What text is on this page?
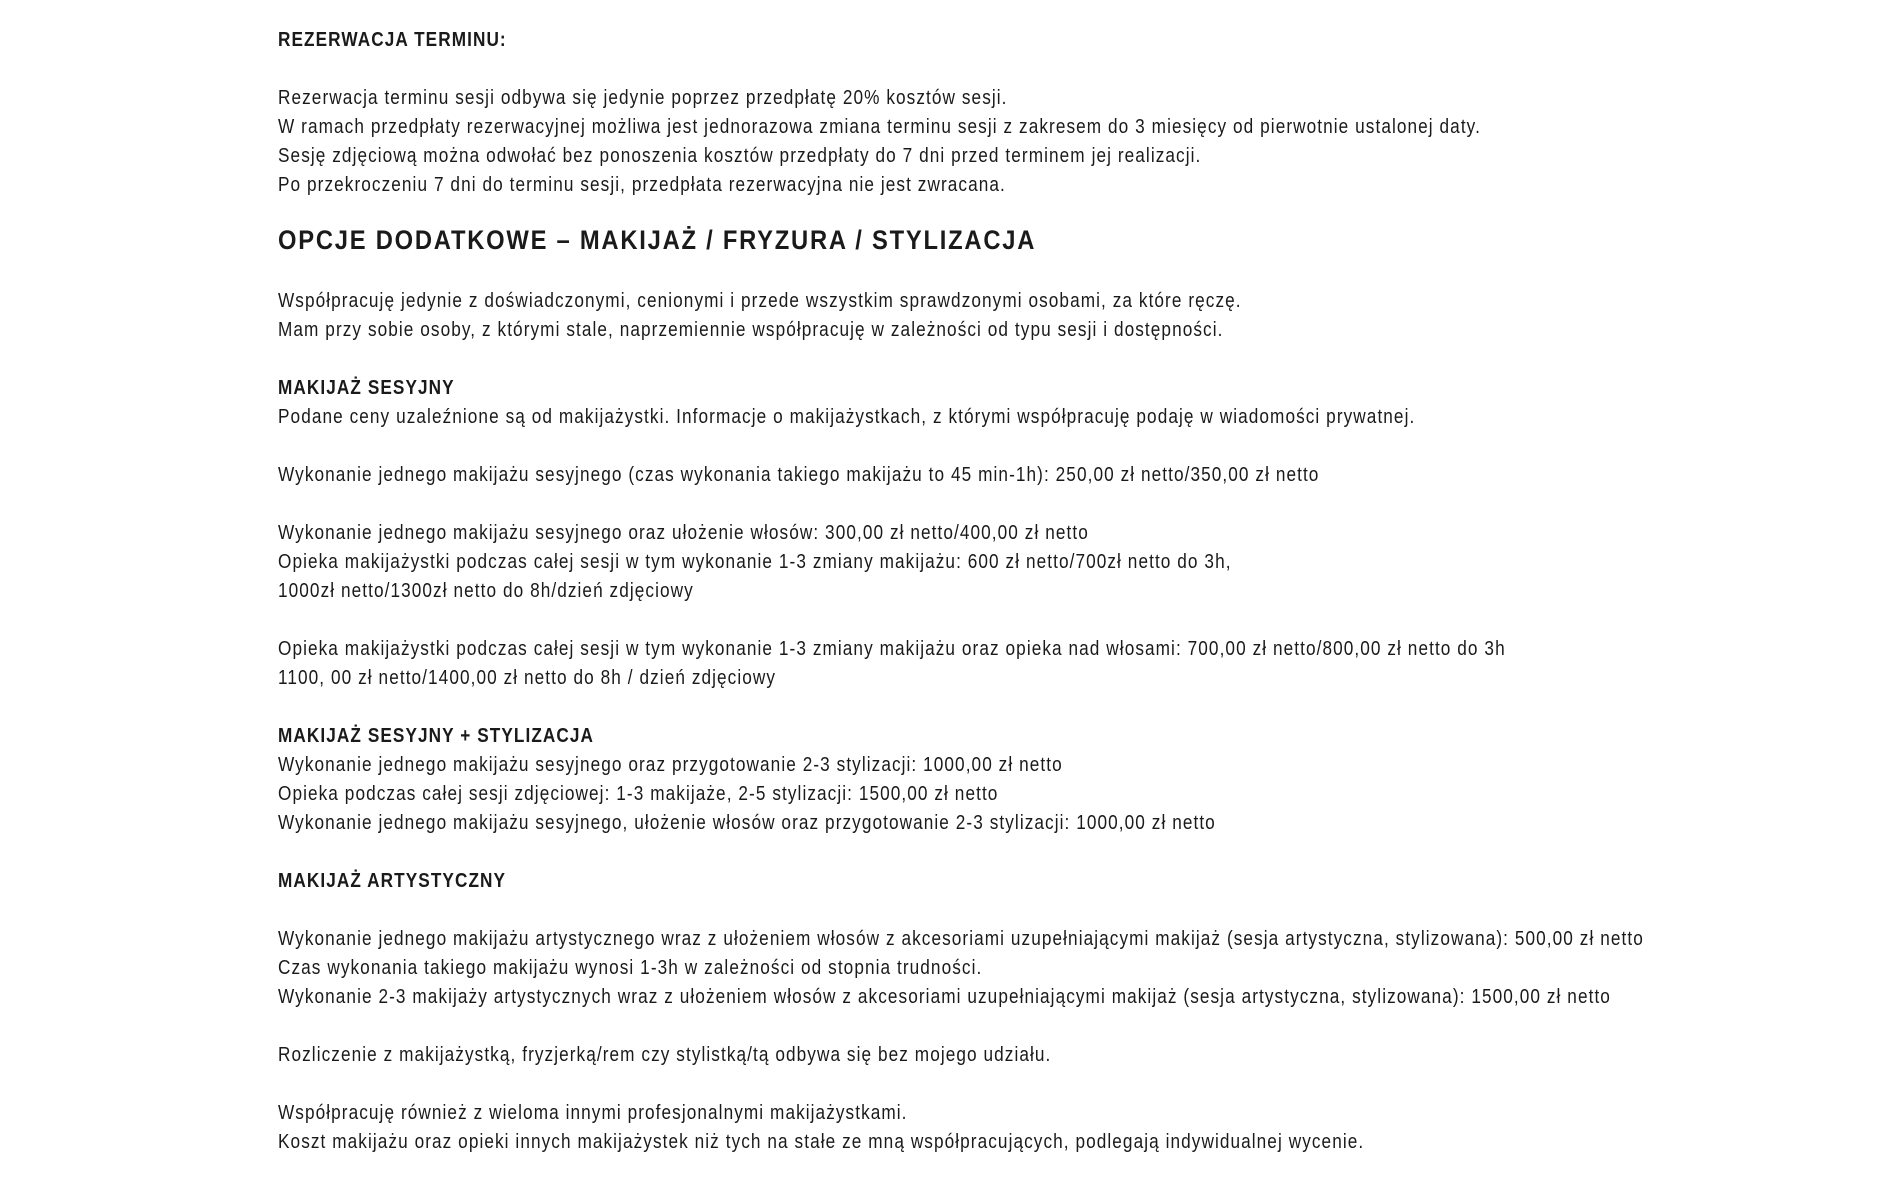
REZERWACJA TERMINU:
Rezerwacja terminu sesji odbywa się jedynie poprzez przedpłatę 20% kosztów sesji.
W ramach przedpłaty rezerwacyjnej możliwa jest jednorazowa zmiana terminu sesji z zakresem do 3 miesięcy od pierwotnie ustalonej daty.
Sesję zdjęciową można odwołać bez ponoszenia kosztów przedpłaty do 7 dni przed terminem jej realizacji.
Po przekroczeniu 7 dni do terminu sesji, przedpłata rezerwacyjna nie jest zwracana.
OPCJE DODATKOWE – MAKIJAŻ / FRYZURA / STYLIZACJA
Współpracuję jedynie z doświadczonymi, cenionymi i przede wszystkim sprawdzonymi osobami, za które ręczę.
Mam przy sobie osoby, z którymi stale, naprzemiennie współpracuję w zależności od typu sesji i dostępności.
MAKIJAŻ SESYJNY
Podane ceny uzaleźnione są od makijażystki. Informacje o makijażystkach, z którymi współpracuję podaję w wiadomości prywatnej.
Wykonanie jednego makijażu sesyjnego (czas wykonania takiego makijażu to 45 min-1h): 250,00 zł netto/350,00 zł netto
Wykonanie jednego makijażu sesyjnego oraz ułożenie włosów: 300,00 zł netto/400,00 zł netto
Opieka makijażystki podczas całej sesji w tym wykonanie 1-3 zmiany makijażu: 600 zł netto/700zł netto do 3h,
1000zł netto/1300zł netto do 8h/dzień zdjęciowy
Opieka makijażystki podczas całej sesji w tym wykonanie 1-3 zmiany makijażu oraz opieka nad włosami: 700,00 zł netto/800,00 zł netto do 3h
1100, 00 zł netto/1400,00 zł netto do 8h / dzień zdjęciowy
MAKIJAŻ SESYJNY + STYLIZACJA
Wykonanie jednego makijażu sesyjnego oraz przygotowanie 2-3 stylizacji: 1000,00 zł netto
Opieka podczas całej sesji zdjęciowej: 1-3 makijaże, 2-5 stylizacji: 1500,00 zł netto
Wykonanie jednego makijażu sesyjnego, ułożenie włosów oraz przygotowanie 2-3 stylizacji: 1000,00 zł netto
MAKIJAŻ ARTYSTYCZNY
Wykonanie jednego makijażu artystycznego wraz z ułożeniem włosów z akcesoriami uzupełniającymi makijaż (sesja artystyczna, stylizowana): 500,00 zł netto
Czas wykonania takiego makijażu wynosi 1-3h w zależności od stopnia trudności.
Wykonanie 2-3 makijaży artystycznych wraz z ułożeniem włosów z akcesoriami uzupełniającymi makijaż (sesja artystyczna, stylizowana): 1500,00 zł netto
Rozliczenie z makijażystką, fryzjerką/rem czy stylistką/tą odbywa się bez mojego udziału.
Współpracuję również z wieloma innymi profesjonalnymi makijażystkami.
Koszt makijażu oraz opieki innych makijażystek niż tych na stałe ze mną współpracujących, podlegają indywidualnej wycenie.
